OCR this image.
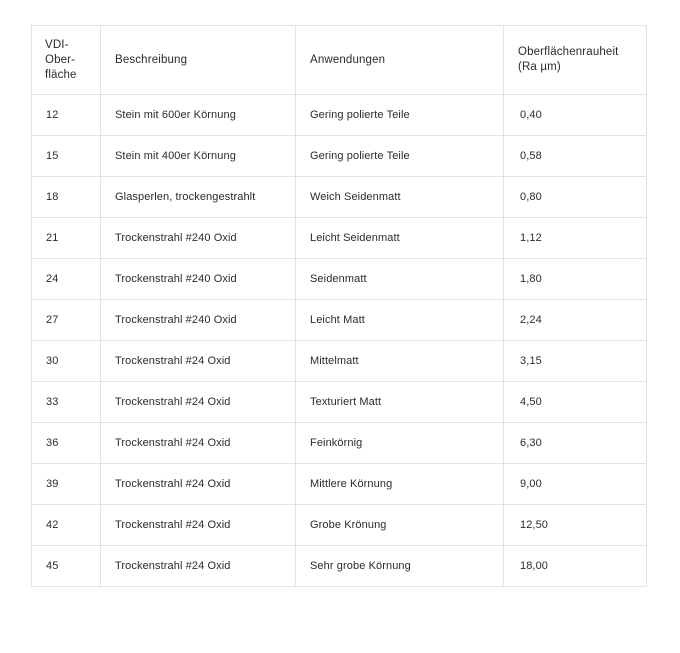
VDI-
Ober-
fläche	Beschreibung	Anwendungen	Oberflächenrauheit
(Ra µm)

12	Stein mit 600er Körnung	Gering polierte Teile	0,40
15	Stein mit 400er Körnung	Gering polierte Teile	0,58
18	Glasperlen, trockengestrahlt	Weich Seidenmatt	0,80
21	Trockenstrahl #240 Oxid	Leicht Seidenmatt	1,12
24	Trockenstrahl #240 Oxid	Seidenmatt	1,80
27	Trockenstrahl #240 Oxid	Leicht Matt	2,24
30	Trockenstrahl #24 Oxid	Mittelmatt	3,15
33	Trockenstrahl #24 Oxid	Texturiert Matt	4,50
36	Trockenstrahl #24 Oxid	Feinkörnig	6,30
39	Trockenstrahl #24 Oxid	Mittlere Körnung	9,00
42	Trockenstrahl #24 Oxid	Grobe Krönung	12,50
45	Trockenstrahl #24 Oxid	Sehr grobe Körnung	18,00
